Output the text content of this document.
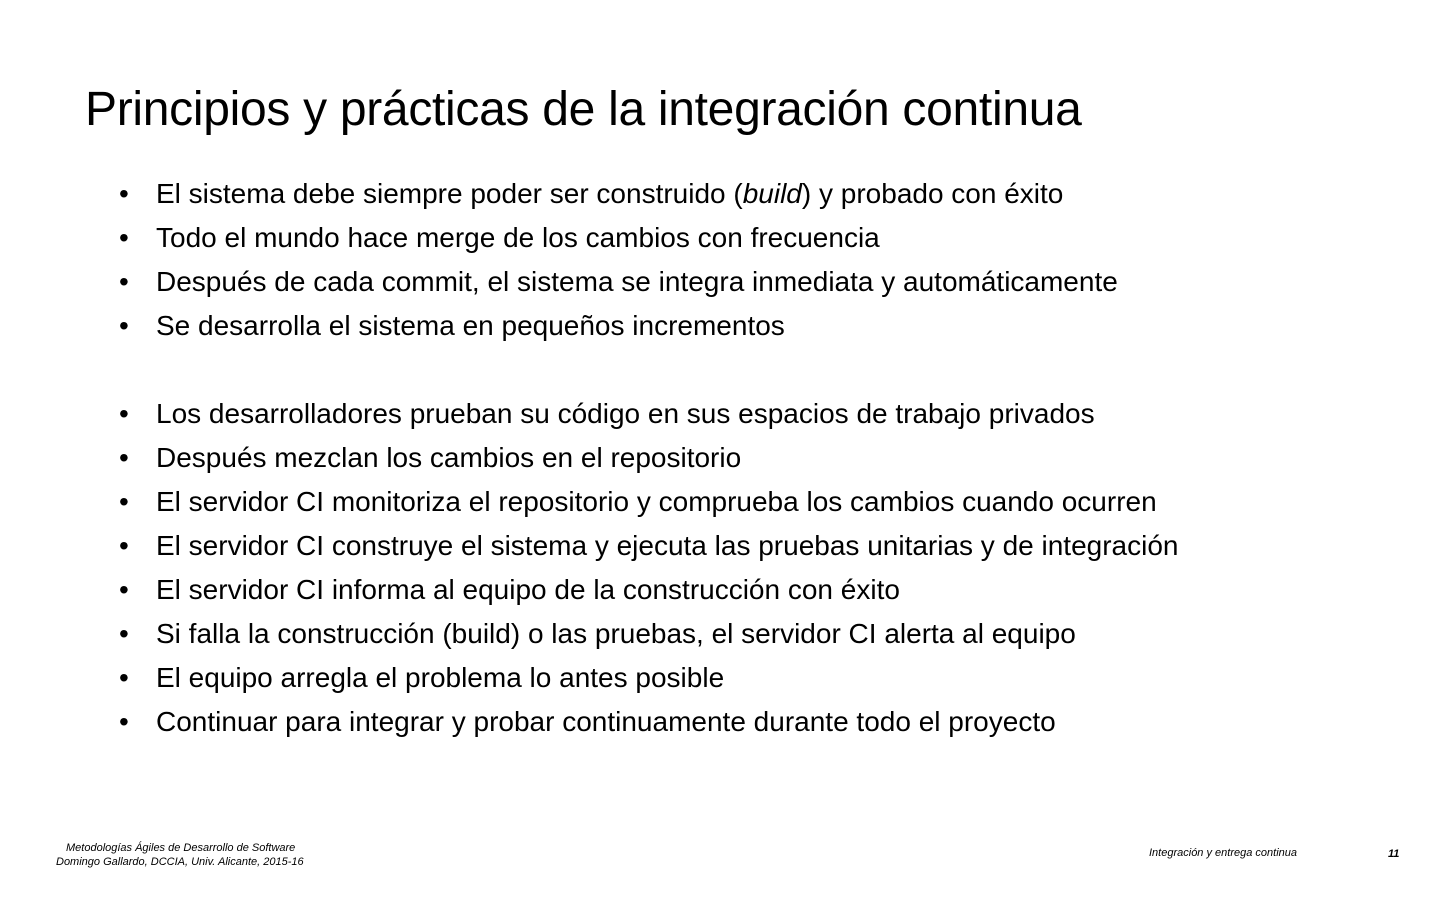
Principios y prácticas de la integración continua
• El sistema debe siempre poder ser construido (build) y probado con éxito
• Todo el mundo hace merge de los cambios con frecuencia
• Después de cada commit, el sistema se integra inmediata y automáticamente
• Se desarrolla el sistema en pequeños incrementos
• Los desarrolladores prueban su código en sus espacios de trabajo privados
• Después mezclan los cambios en el repositorio
• El servidor CI monitoriza el repositorio y comprueba los cambios cuando ocurren
• El servidor CI construye el sistema y ejecuta las pruebas unitarias y de integración
• El servidor CI informa al equipo de la construcción con éxito
• Si falla la construcción (build) o las pruebas, el servidor CI alerta al equipo
• El equipo arregla el problema lo antes posible
• Continuar para integrar y probar continuamente durante todo el proyecto
Metodologías Ágiles de Desarrollo de Software
Domingo Gallardo, DCCIA, Univ. Alicante, 2015-16
Integración y entrega continua	11
